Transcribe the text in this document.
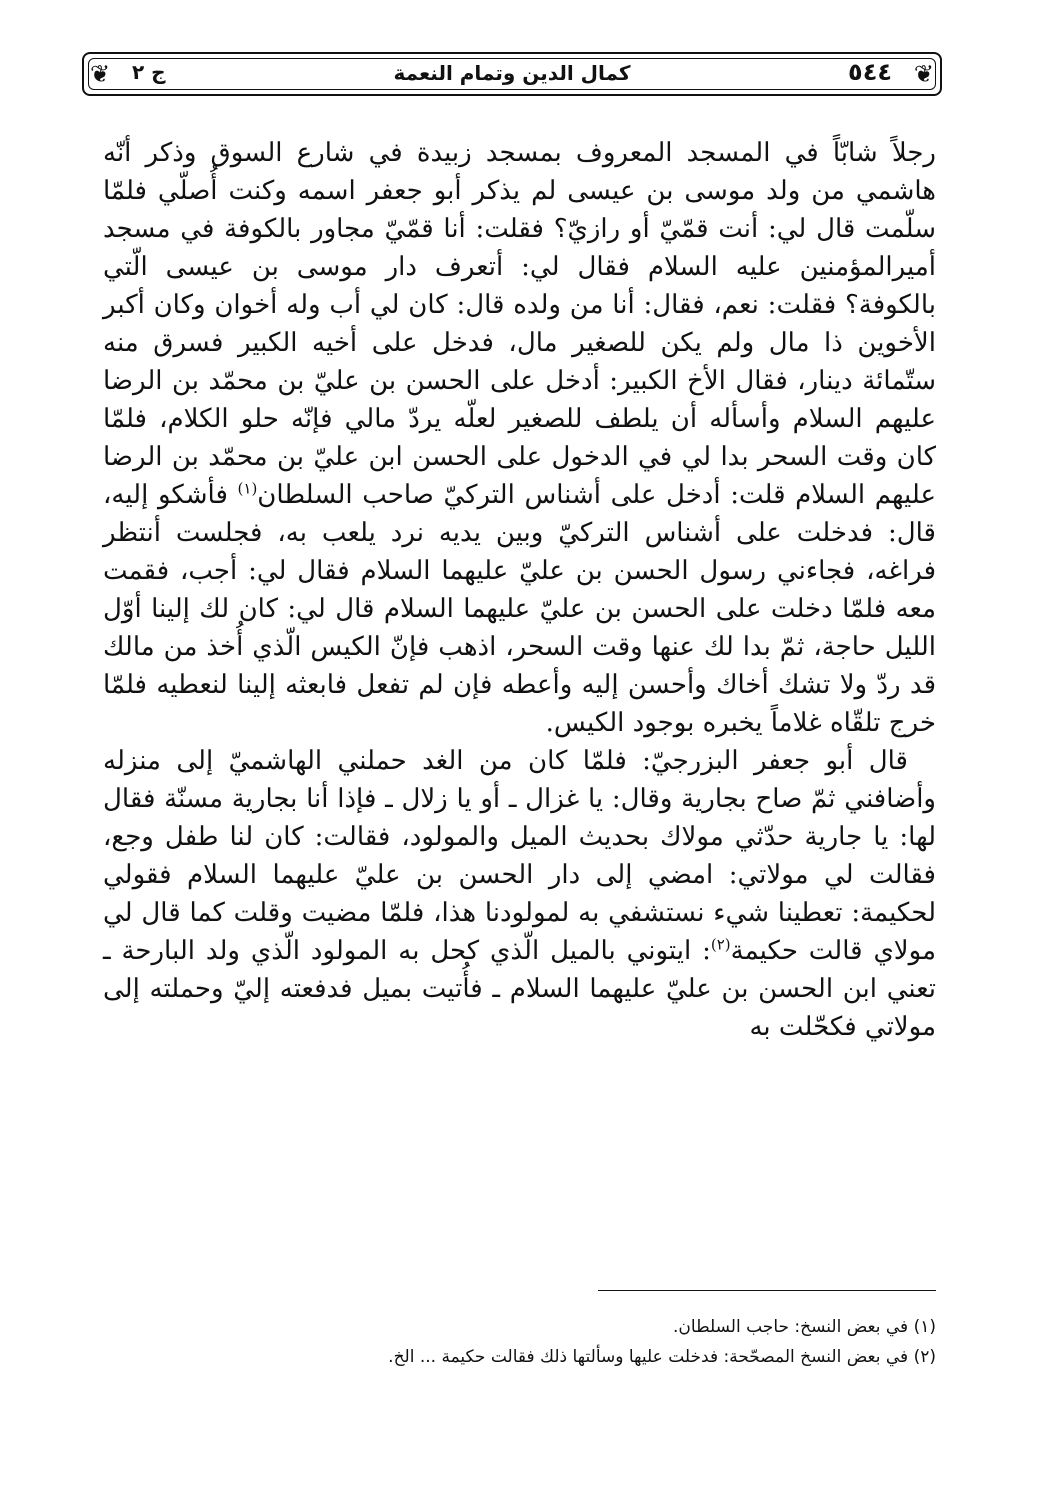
❦ ج ٢	كمال الدين وتمام النعمة	٥٤٤ ❦

رجلاً شابّاً في المسجد المعروف بمسجد زبيدة في شارع السوق وذكر أنّه هاشمي من ولد موسى بن عيسى لم يذكر أبو جعفر اسمه وكنت أُصلّي فلمّا سلّمت قال لي: أنت قمّيّ أو رازيّ؟ فقلت: أنا قمّيّ مجاور بالكوفة في مسجد أميرالمؤمنين عليه السلام فقال لي: أتعرف دار موسى بن عيسى الّتي بالكوفة؟ فقلت: نعم، فقال: أنا من ولده قال: كان لي أب وله أخوان وكان أكبر الأخوين ذا مال ولم يكن للصغير مال، فدخل على أخيه الكبير فسرق منه ستّمائة دينار، فقال الأخ الكبير: أدخل على الحسن بن عليّ بن محمّد بن الرضا عليهم السلام وأسأله أن يلطف للصغير لعلّه يردّ مالي فإنّه حلو الكلام، فلمّا كان وقت السحر بدا لي في الدخول على الحسن ابن عليّ بن محمّد بن الرضا عليهم السلام قلت: أدخل على أشناس التركيّ صاحب السلطان$^{(١)}$ فأشكو إليه، قال: فدخلت على أشناس التركيّ وبين يديه نرد يلعب به، فجلست أنتظر فراغه، فجاءني رسول الحسن بن عليّ عليهما السلام فقال لي: أجب، فقمت معه فلمّا دخلت على الحسن بن عليّ عليهما السلام قال لي: كان لك إلينا أوّل الليل حاجة، ثمّ بدا لك عنها وقت السحر، اذهب فإنّ الكيس الّذي أُخذ من مالك قد ردّ ولا تشك أخاك وأحسن إليه وأعطه فإن لم تفعل فابعثه إلينا لنعطيه فلمّا خرج تلقّاه غلاماً يخبره بوجود الكيس.

قال أبو جعفر البزرجيّ: فلمّا كان من الغد حملني الهاشميّ إلى منزله وأضافني ثمّ صاح بجارية وقال: يا غزال ـ أو يا زلال ـ فإذا أنا بجارية مسنّة فقال لها: يا جارية حدّثي مولاك بحديث الميل والمولود، فقالت: كان لنا طفل وجع، فقالت لي مولاتي: امضي إلى دار الحسن بن عليّ عليهما السلام فقولي لحكيمة: تعطينا شيء نستشفي به لمولودنا هذا، فلمّا مضيت وقلت كما قال لي مولاي قالت حكيمة$^{(٢)}$: ايتوني بالميل الّذي كحل به المولود الّذي ولد البارحة ـ تعني ابن الحسن بن عليّ عليهما السلام ـ فأُتيت بميل فدفعته إليّ وحملته إلى مولاتي فكحّلت به

(١) في بعض النسخ: حاجب السلطان.

(٢) في بعض النسخ المصحّحة: فدخلت عليها وسألتها ذلك فقالت حكيمة ... الخ.
